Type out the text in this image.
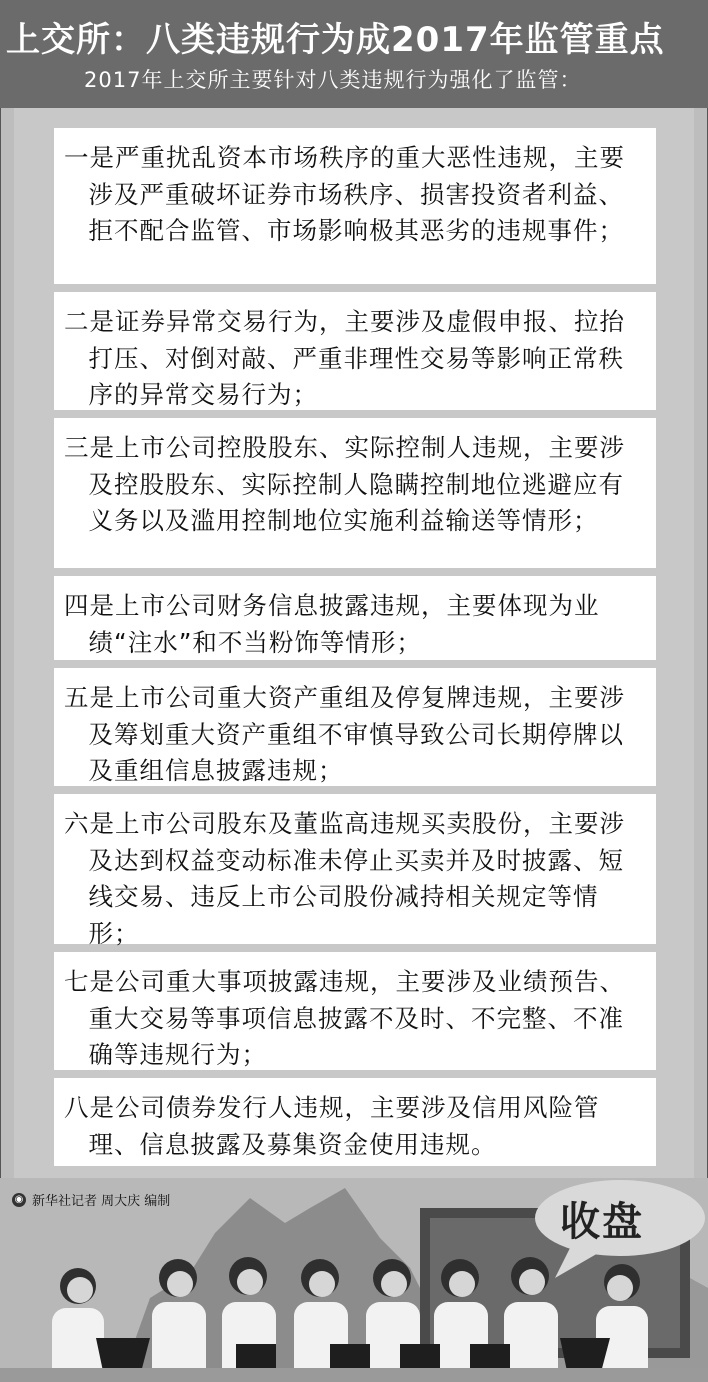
上交所：八类违规行为成2017年监管重点
2017年上交所主要针对八类违规行为强化了监管：
一是严重扰乱资本市场秩序的重大恶性违规，主要涉及严重破坏证券市场秩序、损害投资者利益、拒不配合监管、市场影响极其恶劣的违规事件；
二是证券异常交易行为，主要涉及虚假申报、拉抬打压、对倒对敲、严重非理性交易等影响正常秩序的异常交易行为；
三是上市公司控股股东、实际控制人违规，主要涉及控股股东、实际控制人隐瞒控制地位逃避应有义务以及滥用控制地位实施利益输送等情形；
四是上市公司财务信息披露违规，主要体现为业绩“注水”和不当粉饰等情形；
五是上市公司重大资产重组及停复牌违规，主要涉及筹划重大资产重组不审慎导致公司长期停牌以及重组信息披露违规；
六是上市公司股东及董监高违规买卖股份，主要涉及达到权益变动标准未停止买卖并及时披露、短线交易、违反上市公司股份减持相关规定等情形；
七是公司重大事项披露违规，主要涉及业绩预告、重大交易等事项信息披露不及时、不完整、不准确等违规行为；
八是公司债券发行人违规，主要涉及信用风险管理、信息披露及募集资金使用违规。
◉ 新华社记者 周大庆 编制	收盘
